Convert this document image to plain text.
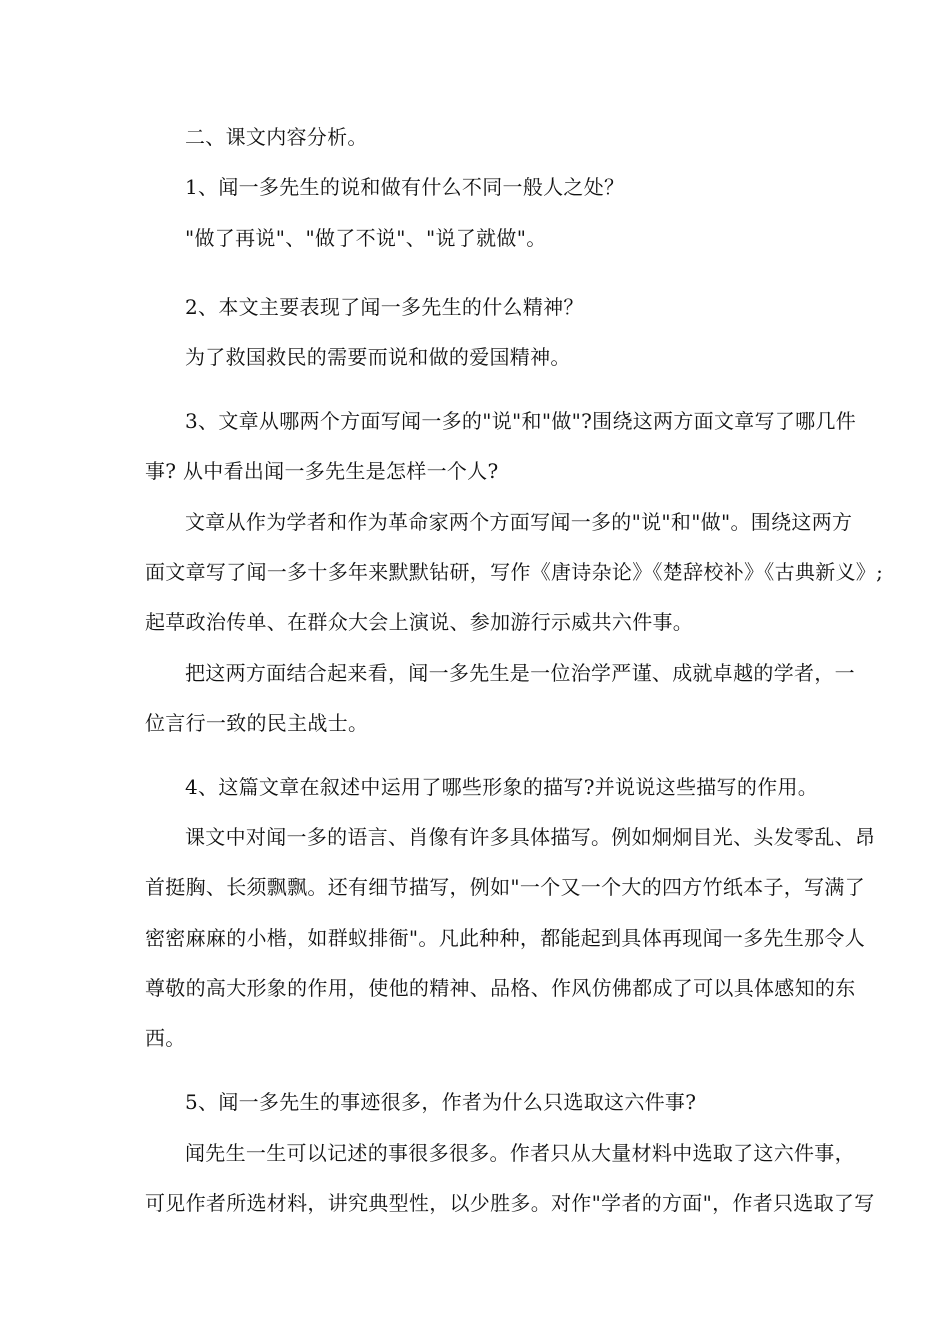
二、课文内容分析。
1、闻一多先生的说和做有什么不同一般人之处？
"做了再说"、"做了不说"、"说了就做"。
2、本文主要表现了闻一多先生的什么精神？
为了救国救民的需要而说和做的爱国精神。
3、文章从哪两个方面写闻一多的"说"和"做"?围绕这两方面文章写了哪几件
事? 从中看出闻一多先生是怎样一个人?
文章从作为学者和作为革命家两个方面写闻一多的"说"和"做"。围绕这两方
面文章写了闻一多十多年来默默钻研，写作《唐诗杂论》《楚辞校补》《古典新义》;
起草政治传单、在群众大会上演说、参加游行示威共六件事。
把这两方面结合起来看，闻一多先生是一位治学严谨、成就卓越的学者，一
位言行一致的民主战士。
4、这篇文章在叙述中运用了哪些形象的描写?并说说这些描写的作用。
课文中对闻一多的语言、肖像有许多具体描写。例如炯炯目光、头发零乱、昂
首挺胸、长须飘飘。还有细节描写，例如"一个又一个大的四方竹纸本子，写满了
密密麻麻的小楷，如群蚁排衙"。凡此种种，都能起到具体再现闻一多先生那令人
尊敬的高大形象的作用，使他的精神、品格、作风仿佛都成了可以具体感知的东
西。
5、闻一多先生的事迹很多，作者为什么只选取这六件事?
闻先生一生可以记述的事很多很多。作者只从大量材料中选取了这六件事，
可见作者所选材料，讲究典型性，以少胜多。对作"学者的方面"，作者只选取了写
